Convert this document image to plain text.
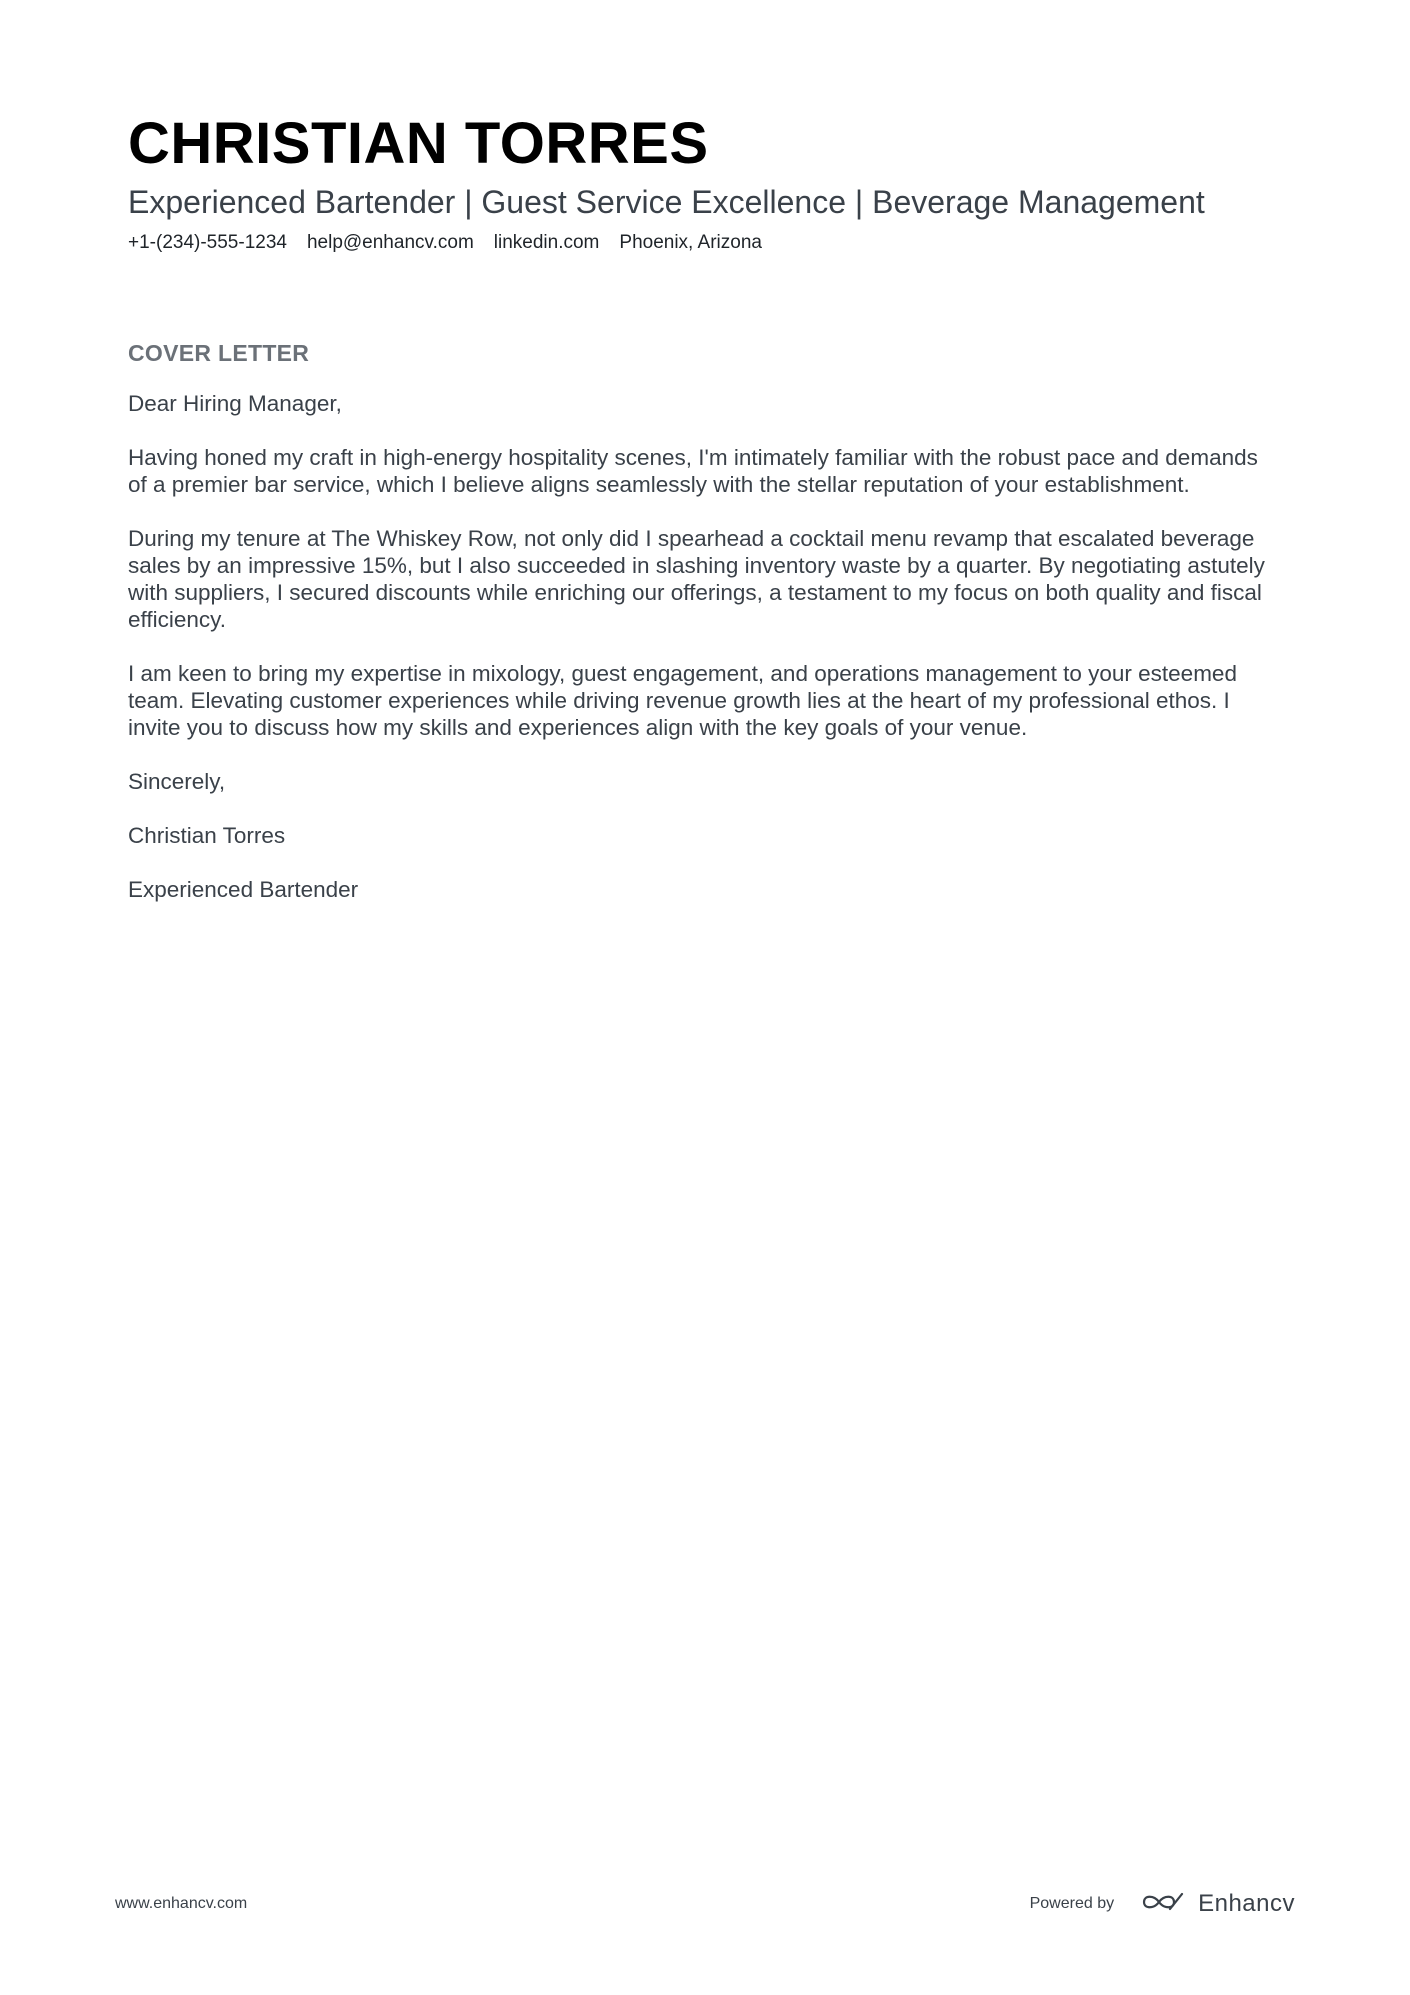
CHRISTIAN TORRES
Experienced Bartender | Guest Service Excellence | Beverage Management
+1-(234)-555-1234 help@enhancv.com linkedin.com Phoenix, Arizona
COVER LETTER

Dear Hiring Manager,

Having honed my craft in high-energy hospitality scenes, I'm intimately familiar with the robust pace and demands of a premier bar service, which I believe aligns seamlessly with the stellar reputation of your establishment.

During my tenure at The Whiskey Row, not only did I spearhead a cocktail menu revamp that escalated beverage sales by an impressive 15%, but I also succeeded in slashing inventory waste by a quarter. By negotiating astutely with suppliers, I secured discounts while enriching our offerings, a testament to my focus on both quality and fiscal efficiency.

I am keen to bring my expertise in mixology, guest engagement, and operations management to your esteemed team. Elevating customer experiences while driving revenue growth lies at the heart of my professional ethos. I invite you to discuss how my skills and experiences align with the key goals of your venue.

Sincerely,

Christian Torres

Experienced Bartender

www.enhancv.com	Powered by	Enhancv
